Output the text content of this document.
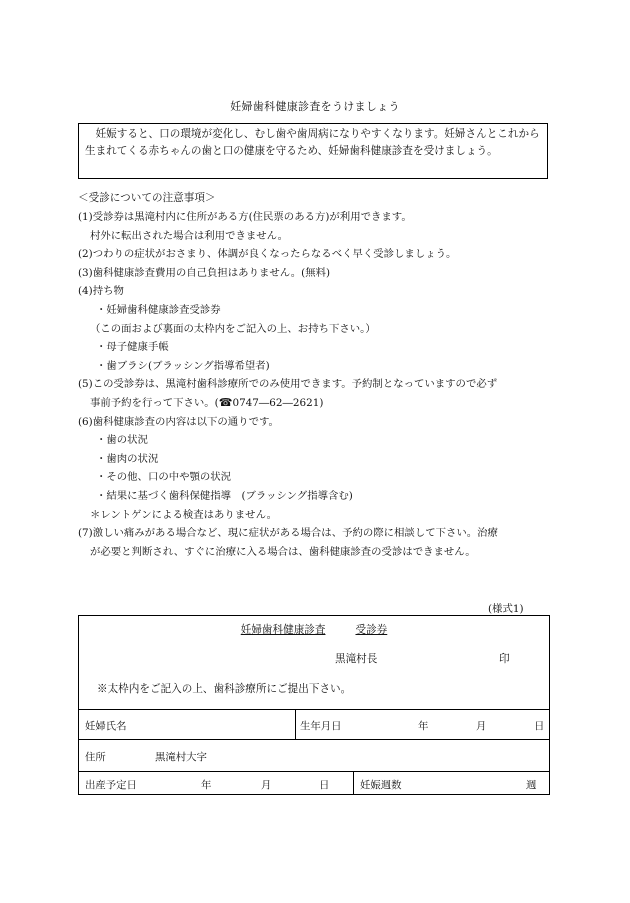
妊婦歯科健康診査をうけましょう
妊娠すると、口の環境が変化し、むし歯や歯周病になりやすくなります。妊婦さんとこれから生まれてくる赤ちゃんの歯と口の健康を守るため、妊婦歯科健康診査を受けましょう。
＜受診についての注意事項＞
(1)受診券は黒滝村内に住所がある方(住民票のある方)が利用できます。
村外に転出された場合は利用できません。
(2)つわりの症状がおさまり、体調が良くなったらなるべく早く受診しましょう。
(3)歯科健康診査費用の自己負担はありません。(無料)
(4)持ち物
・妊婦歯科健康診査受診券
（この面および裏面の太枠内をご記入の上、お持ち下さい。）
・母子健康手帳
・歯ブラシ(ブラッシング指導希望者)
(5)この受診券は、黒滝村歯科診療所でのみ使用できます。予約制となっていますので必ず
事前予約を行って下さい。(☎0747―62―2621)
(6)歯科健康診査の内容は以下の通りです。
・歯の状況
・歯肉の状況
・その他、口の中や顎の状況
・結果に基づく歯科保健指導　(ブラッシング指導含む)
＊レントゲンによる検査はありません。
(7)激しい痛みがある場合など、現に症状がある場合は、予約の際に相談して下さい。治療
が必要と判断され、すぐに治療に入る場合は、歯科健康診査の受診はできません。
(様式1)
妊婦歯科健康診査	受診券
黒滝村長	印
※太枠内をご記入の上、歯科診療所にご提出下さい。
妊婦氏名	生年月日	年	月	日
住所	黒滝村大字
出産予定日	年	月	日	妊娠週数	週
